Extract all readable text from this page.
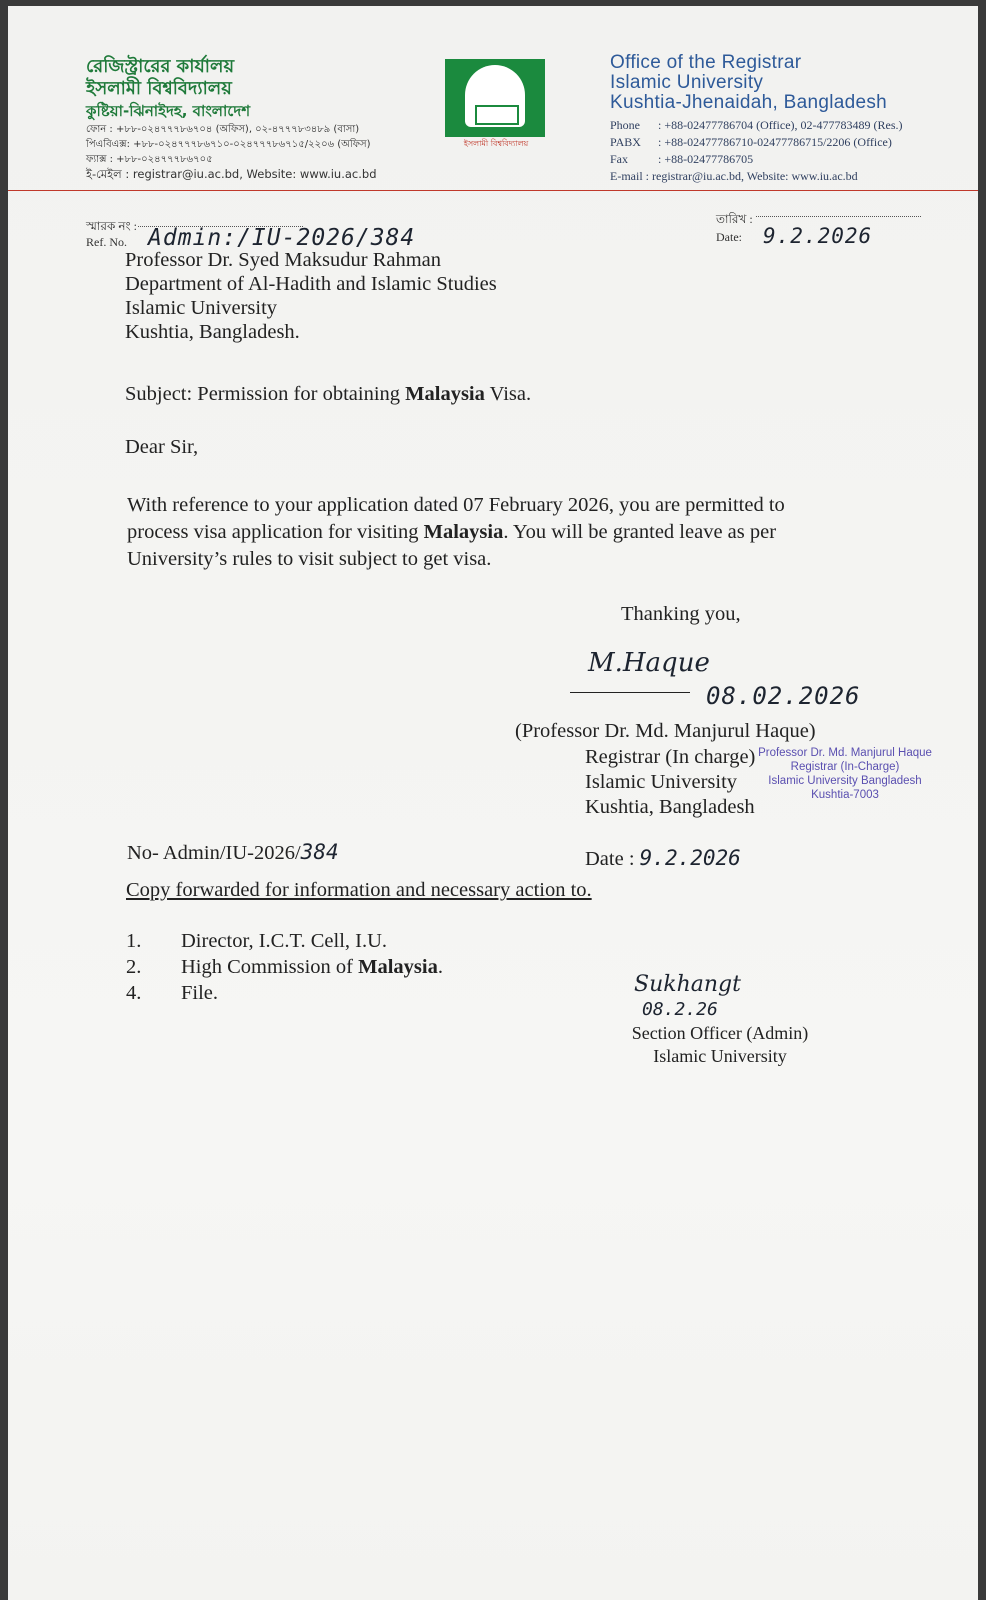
রেজিস্ট্রারের কার্যালয়
ইসলামী বিশ্ববিদ্যালয়
কুষ্টিয়া-ঝিনাইদহ, বাংলাদেশ
ফোন : +৮৮-০২৪৭৭৭৮৬৭০৪ (অফিস), ০২-৪৭৭৭৮৩৪৮৯ (বাসা)
পিএবিএক্স: +৮৮-০২৪৭৭৭৮৬৭১০-০২৪৭৭৭৮৬৭১৫/২২০৬ (অফিস)
ফ্যাক্স : +৮৮-০২৪৭৭৭৮৬৭০৫
ই-মেইল : registrar@iu.ac.bd, Website: www.iu.ac.bd
ইসলামী বিশ্ববিদ্যালয়
Office of the Registrar
Islamic University
Kushtia-Jhenaidah, Bangladesh
Phone	: +88-02477786704 (Office), 02-477783489 (Res.)
PABX	: +88-02477786710-02477786715/2206 (Office)
Fax	: +88-02477786705
E-mail
: registrar@iu.ac.bd, Website: www.iu.ac.bd
স্মারক নং :
Ref. No. Admin:/IU-2026/384
তারিখ :
Date:	9.2.2026
Professor Dr. Syed Maksudur Rahman
Department of Al-Hadith and Islamic Studies
Islamic University
Kushtia, Bangladesh.
Subject: Permission for obtaining Malaysia Visa.
Dear Sir,
With reference to your application dated 07 February 2026, you are permitted to
process visa application for visiting Malaysia. You will be granted leave as per
University’s rules to visit subject to get visa.
Thanking you,
M.Haque
08.02.2026
(Professor Dr. Md. Manjurul Haque)
Registrar (In charge)
Islamic University
Kushtia, Bangladesh
Professor Dr. Md. Manjurul Haque
Registrar (In-Charge)
Islamic University Bangladesh
Kushtia-7003
No- Admin/IU-2026/384	Date : 9.2.2026
Copy forwarded for information and necessary action to.
1.	Director, I.C.T. Cell, I.U.
2.	High Commission of Malaysia.
4.	File.	Sukhangt
08.2.26
Section Officer (Admin)
Islamic University
